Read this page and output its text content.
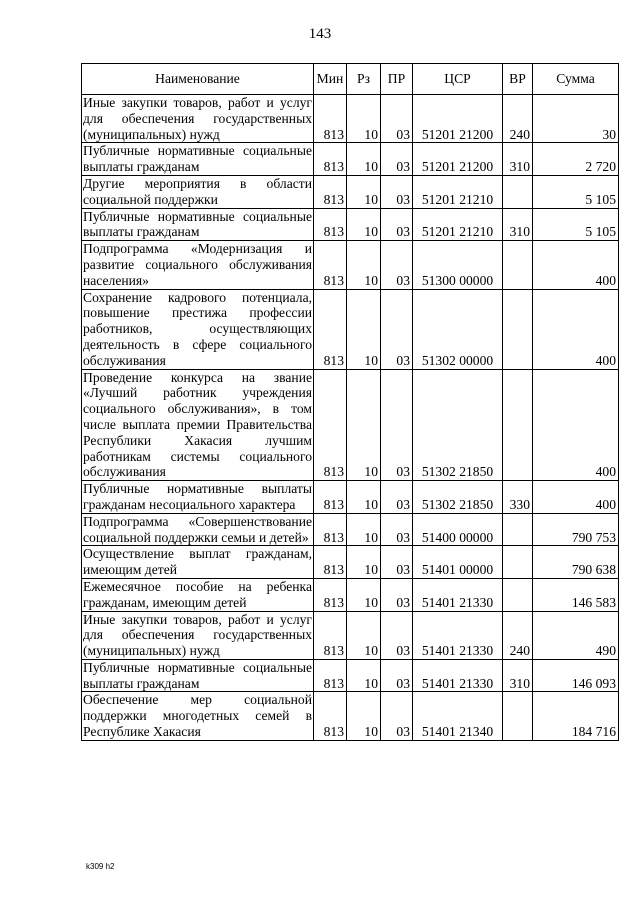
143
Наименование	Мин	Рз	ПР	ЦСР	ВР	Сумма
Иные закупки товаров, работ и услуг для обеспечения государственных (муниципальных) нужд	813	10	03	51201 21200	240	30
Публичные нормативные социальные выплаты гражданам	813	10	03	51201 21200	310	2 720
Другие мероприятия в области социальной поддержки	813	10	03	51201 21210		5 105
Публичные нормативные социальные выплаты гражданам	813	10	03	51201 21210	310	5 105
Подпрограмма «Модернизация и развитие социального обслуживания населения»	813	10	03	51300 00000		400
Сохранение кадрового потенциала, повышение престижа профессии работников, осуществляющих деятельность в сфере социального обслуживания	813	10	03	51302 00000		400
Проведение конкурса на звание «Лучший работник учреждения социального обслуживания», в том числе выплата премии Правительства Республики Хакасия лучшим работникам системы социального обслуживания	813	10	03	51302 21850		400
Публичные нормативные выплаты гражданам несоциального характера	813	10	03	51302 21850	330	400
Подпрограмма «Совершенствование социальной поддержки семьи и детей»	813	10	03	51400 00000		790 753
Осуществление выплат гражданам, имеющим детей	813	10	03	51401 00000		790 638
Ежемесячное пособие на ребенка гражданам, имеющим детей	813	10	03	51401 21330		146 583
Иные закупки товаров, работ и услуг для обеспечения государственных (муниципальных) нужд	813	10	03	51401 21330	240	490
Публичные нормативные социальные выплаты гражданам	813	10	03	51401 21330	310	146 093
Обеспечение мер социальной поддержки многодетных семей в Республике Хакасия	813	10	03	51401 21340		184 716
k309 h2
